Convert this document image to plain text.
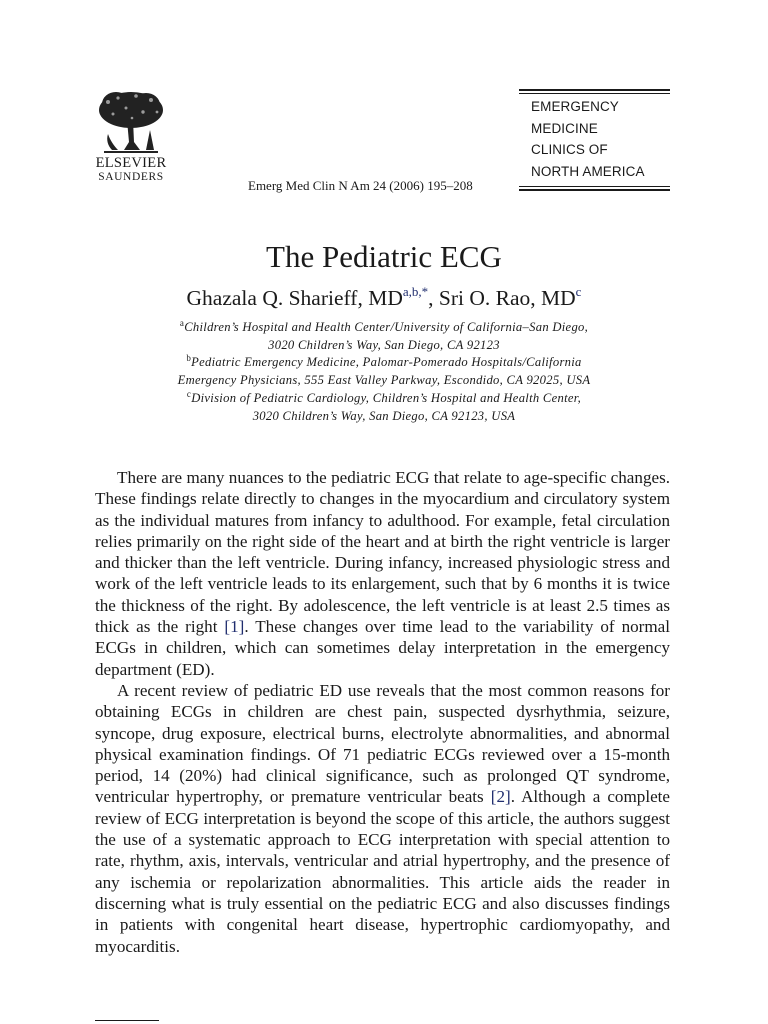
ELSEVIER
SAUNDERS
Emerg Med Clin N Am 24 (2006) 195–208
EMERGENCY
MEDICINE
CLINICS OF
NORTH AMERICA
The Pediatric ECG
Ghazala Q. Sharieff, $MD^{a,b,*}$, Sri O. Rao, $MD^c$
$^a$Children’s Hospital and Health Center/University of California–San Diego,
3020 Children’s Way, San Diego, CA 92123
$^b$Pediatric Emergency Medicine, Palomar-Pomerado Hospitals/California
Emergency Physicians, 555 East Valley Parkway, Escondido, CA 92025, USA
$^c$Division of Pediatric Cardiology, Children’s Hospital and Health Center,
3020 Children’s Way, San Diego, CA 92123, USA

There are many nuances to the pediatric ECG that relate to age-specific changes. These findings relate directly to changes in the myocardium and circulatory system as the individual matures from infancy to adulthood. For example, fetal circulation relies primarily on the right side of the heart and at birth the right ventricle is larger and thicker than the left ventricle. During infancy, increased physiologic stress and work of the left ventricle leads to its enlargement, such that by 6 months it is twice the thickness of the right. By adolescence, the left ventricle is at least 2.5 times as thick as the right [1]. These changes over time lead to the variability of normal ECGs in children, which can sometimes delay interpretation in the emergency department (ED).

A recent review of pediatric ED use reveals that the most common reasons for obtaining ECGs in children are chest pain, suspected dysrhythmia, seizure, syncope, drug exposure, electrical burns, electrolyte abnormalities, and abnormal physical examination findings. Of 71 pediatric ECGs reviewed over a 15-month period, 14 (20%) had clinical significance, such as prolonged QT syndrome, ventricular hypertrophy, or premature ventricular beats [2]. Although a complete review of ECG interpretation is beyond the scope of this article, the authors suggest the use of a systematic approach to ECG interpretation with special attention to rate, rhythm, axis, intervals, ventricular and atrial hypertrophy, and the presence of any ischemia or repolarization abnormalities. This article aids the reader in discerning what is truly essential on the pediatric ECG and also discusses findings in patients with congenital heart disease, hypertrophic cardiomyopathy, and myocarditis.
